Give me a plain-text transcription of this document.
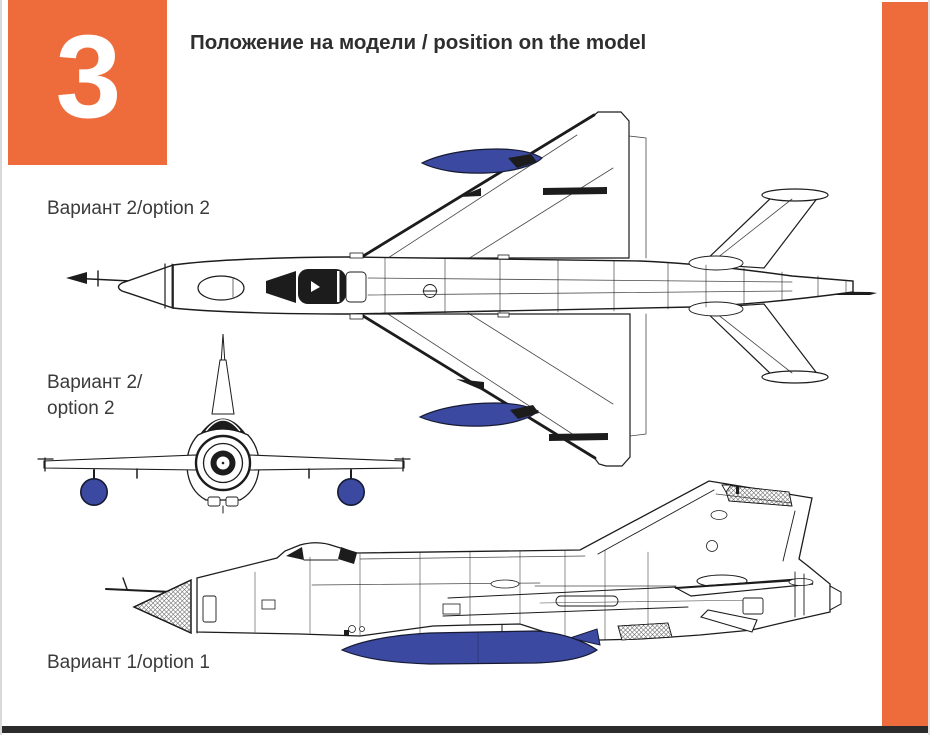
3	Положение на модели / position on the model
Вариант 2/option 2
Вариант 2/
option 2
Вариант 1/option 1
